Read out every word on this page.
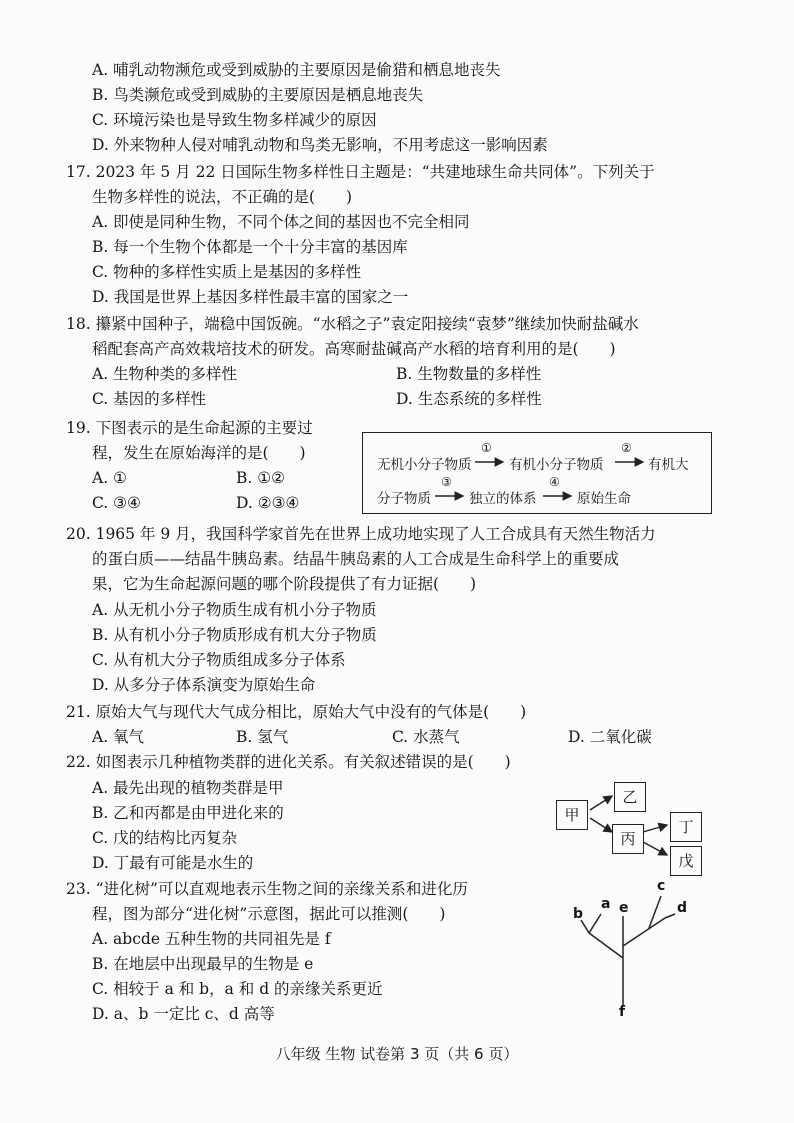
A. 哺乳动物濒危或受到威胁的主要原因是偷猎和栖息地丧失
B. 鸟类濒危或受到威胁的主要原因是栖息地丧失
C. 环境污染也是导致生物多样减少的原因
D. 外来物种人侵对哺乳动物和鸟类无影响，不用考虑这一影响因素
17. 2023 年 5 月 22 日国际生物多样性日主题是：“共建地球生命共同体”。下列关于
生物多样性的说法，不正确的是(　　)
A. 即使是同种生物，不同个体之间的基因也不完全相同
B. 每一个生物个体都是一个十分丰富的基因库
C. 物种的多样性实质上是基因的多样性
D. 我国是世界上基因多样性最丰富的国家之一
18. 攥紧中国种子，端稳中国饭碗。“水稻之子”袁定阳接续“袁梦”继续加快耐盐碱水
稻配套高产高效栽培技术的研发。高寒耐盐碱高产水稻的培育利用的是(　　)
A. 生物种类的多样性	B. 生物数量的多样性
C. 基因的多样性	D. 生态系统的多样性
19. 下图表示的是生命起源的主要过
程，发生在原始海洋的是(　　)
A. ①	B. ①②
C. ③④	D. ②③④
无机小分子物质
①
有机小分子物质
②
有机大
分子物质
③
独立的体系
④
原始生命
20. 1965 年 9 月，我国科学家首先在世界上成功地实现了人工合成具有天然生物活力
的蛋白质——结晶牛胰岛素。结晶牛胰岛素的人工合成是生命科学上的重要成
果，它为生命起源问题的哪个阶段提供了有力证据(　　)
A. 从无机小分子物质生成有机小分子物质
B. 从有机小分子物质形成有机大分子物质
C. 从有机大分子物质组成多分子体系
D. 从多分子体系演变为原始生命
21. 原始大气与现代大气成分相比，原始大气中没有的气体是(　　)
A. 氧气	B. 氢气	C. 水蒸气	D. 二氧化碳
22. 如图表示几种植物类群的进化关系。有关叙述错误的是(　　)
A. 最先出现的植物类群是甲
B. 乙和丙都是由甲进化来的
C. 戊的结构比丙复杂
D. 丁最有可能是水生的
甲
乙
丙
丁
戊
23. “进化树”可以直观地表示生物之间的亲缘关系和进化历
程，图为部分“进化树”示意图，据此可以推测(　　)
A. abcde 五种生物的共同祖先是 f
B. 在地层中出现最早的生物是 e
C. 相较于 a 和 b，a 和 d 的亲缘关系更近
D. a、b 一定比 c、d 高等
a
b
c
d
e
f
八年级 生物 试卷第 3 页（共 6 页）
